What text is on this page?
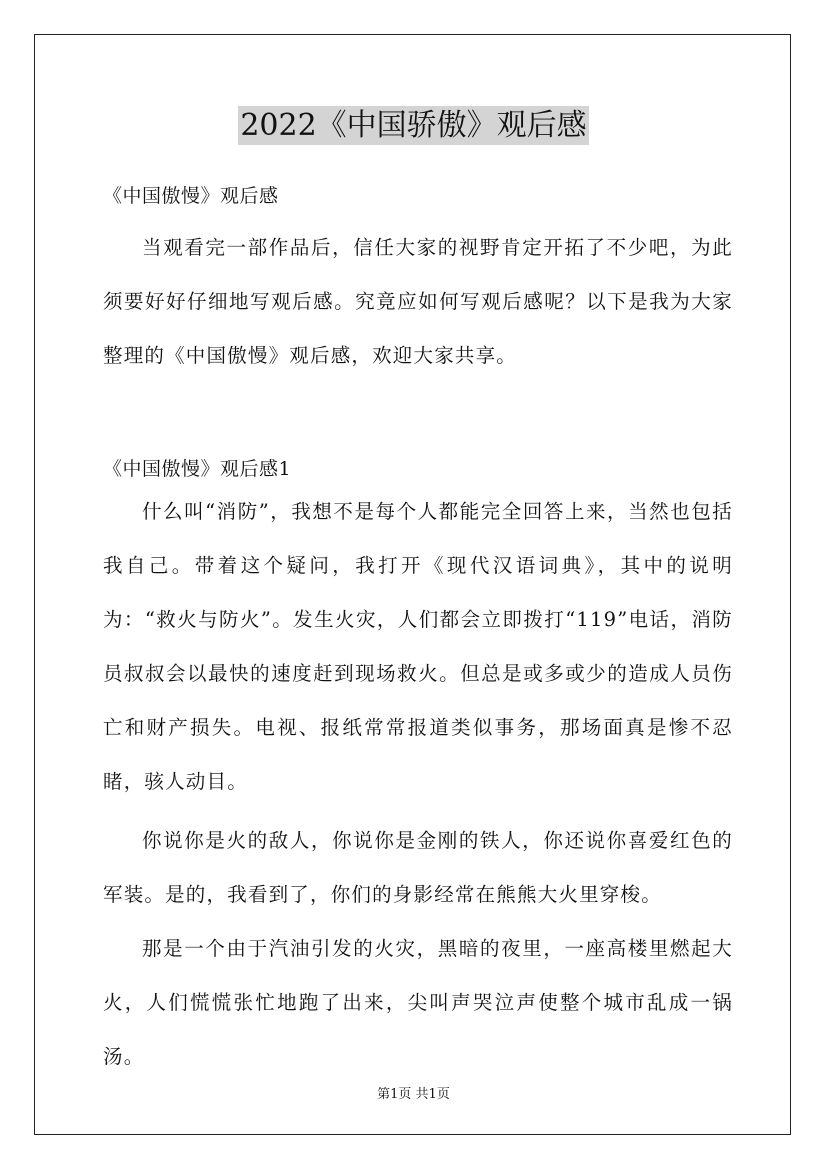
2022《中国骄傲》观后感
《中国傲慢》观后感

当观看完一部作品后，信任大家的视野肯定开拓了不少吧，为此须要好好仔细地写观后感。究竟应如何写观后感呢？以下是我为大家整理的《中国傲慢》观后感，欢迎大家共享。

《中国傲慢》观后感1

什么叫“消防”，我想不是每个人都能完全回答上来，当然也包括我自己。带着这个疑问，我打开《现代汉语词典》，其中的说明为：“救火与防火”。发生火灾，人们都会立即拨打“119”电话，消防员叔叔会以最快的速度赶到现场救火。但总是或多或少的造成人员伤亡和财产损失。电视、报纸常常报道类似事务，那场面真是惨不忍睹，骇人动目。

你说你是火的敌人，你说你是金刚的铁人，你还说你喜爱红色的军装。是的，我看到了，你们的身影经常在熊熊大火里穿梭。

那是一个由于汽油引发的火灾，黑暗的夜里，一座高楼里燃起大火，人们慌慌张忙地跑了出来，尖叫声哭泣声使整个城市乱成一锅汤。

第1页 共1页
